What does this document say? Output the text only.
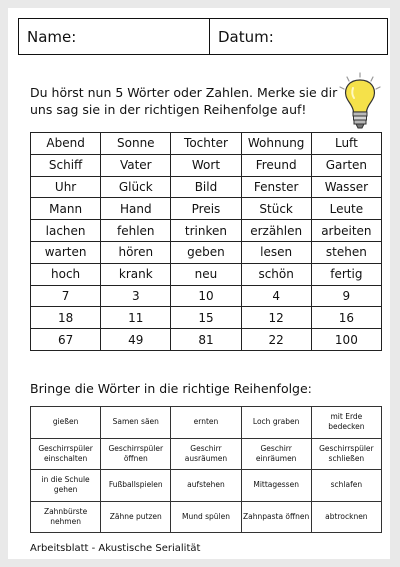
Name:	Datum:
Du hörst nun 5 Wörter oder Zahlen. Merke sie dir uns sag sie in der richtigen Reihenfolge auf!
Abend	Sonne	Tochter	Wohnung	Luft
Schiff	Vater	Wort	Freund	Garten
Uhr	Glück	Bild	Fenster	Wasser
Mann	Hand	Preis	Stück	Leute
lachen	fehlen	trinken	erzählen	arbeiten
warten	hören	geben	lesen	stehen
hoch	krank	neu	schön	fertig
7	3	10	4	9
18	11	15	12	16
67	49	81	22	100
Bringe die Wörter in die richtige Reihenfolge:
gießen	Samen säen	ernten	Loch graben	mit Erde bedecken
Geschirrspüler einschalten	Geschirrspüler öffnen	Geschirr ausräumen	Geschirr einräumen	Geschirrspüler schließen
in die Schule gehen	Fußballspielen	aufstehen	Mittagessen	schlafen
Zahnbürste nehmen	Zähne putzen	Mund spülen	Zahnpasta öffnen	abtrocknen
Arbeitsblatt - Akustische Serialität
